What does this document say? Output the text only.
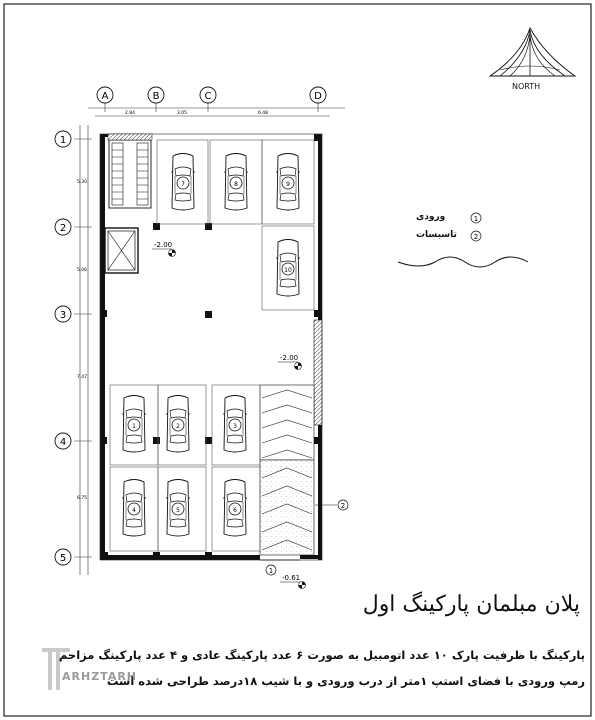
A	B	C	D
2.84	3.05	6.48
1
2
3
4
5
5.30
5.06
7.47
6.75
7	8	9
10
1	2	3
4	5	6
-2.00
-2.00
1
-0.61
2
1
2
NORTH
ورودی
تاسیسات
پلان مبلمان پارکینگ اول
پارکینگ با ظرفیت پارک ۱۰ عدد اتومبیل به صورت ۶ عدد پارکینگ عادی و ۴ عدد پارکینگ مزاحم
رمپ ورودی با فضای استپ ۱متر از درب ورودی و با شیب ۱۸درصد طراحی شده است
ARHZTARH
